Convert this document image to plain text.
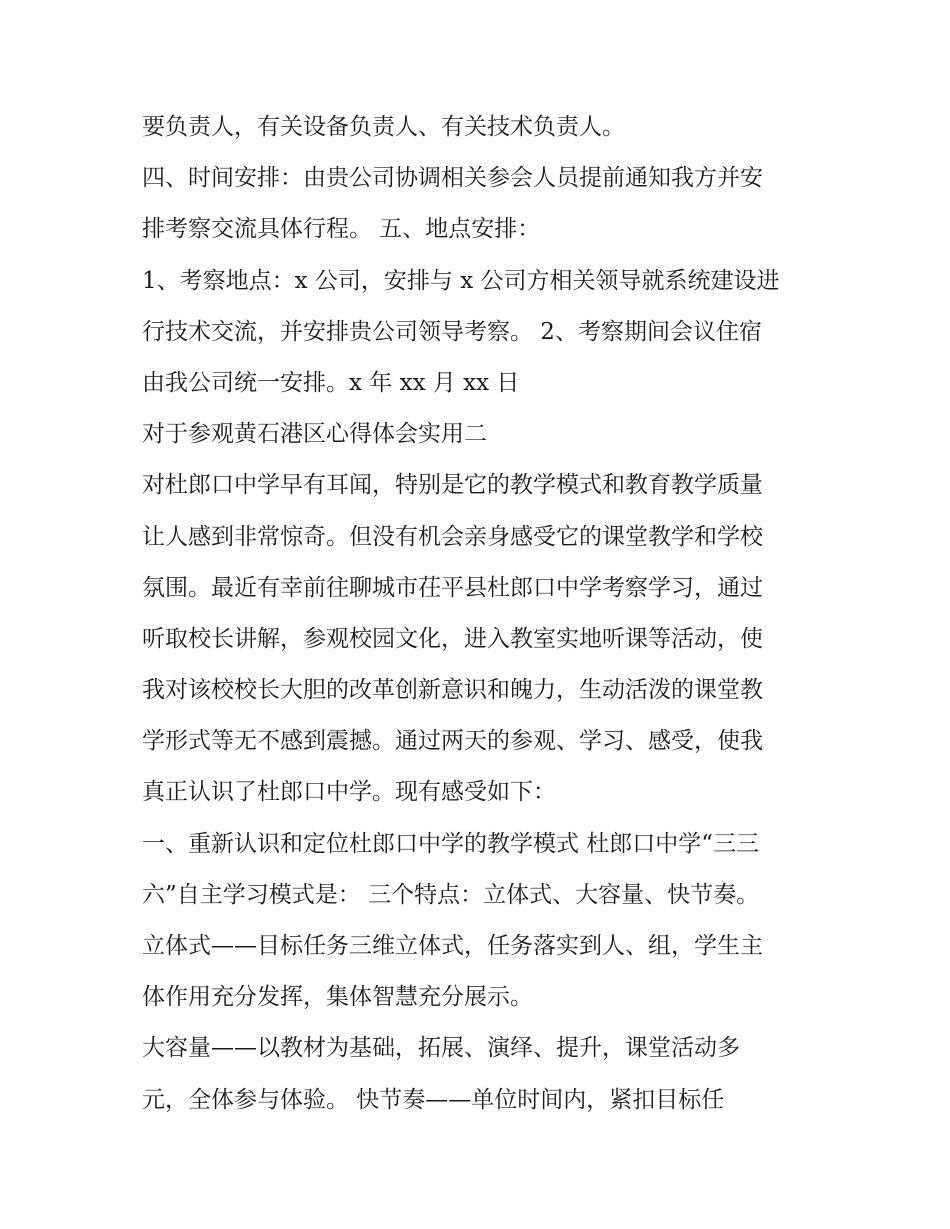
要负责人，有关设备负责人、有关技术负责人。
四、时间安排：由贵公司协调相关参会人员提前通知我方并安
排考察交流具体行程。 五、地点安排：
1、考察地点：x 公司，安排与 x 公司方相关领导就系统建设进
行技术交流，并安排贵公司领导考察。 2、考察期间会议住宿
由我公司统一安排。x 年 xx 月 xx 日
对于参观黄石港区心得体会实用二
对杜郎口中学早有耳闻，特别是它的教学模式和教育教学质量
让人感到非常惊奇。但没有机会亲身感受它的课堂教学和学校
氛围。最近有幸前往聊城市茌平县杜郎口中学考察学习，通过
听取校长讲解，参观校园文化，进入教室实地听课等活动，使
我对该校校长大胆的改革创新意识和魄力，生动活泼的课堂教
学形式等无不感到震撼。通过两天的参观、学习、感受，使我
真正认识了杜郎口中学。现有感受如下：
一、重新认识和定位杜郎口中学的教学模式 杜郎口中学“三三
六”自主学习模式是： 三个特点：立体式、大容量、快节奏。
立体式——目标任务三维立体式，任务落实到人、组，学生主
体作用充分发挥，集体智慧充分展示。
大容量——以教材为基础，拓展、演绎、提升，课堂活动多
元，全体参与体验。 快节奏——单位时间内，紧扣目标任
